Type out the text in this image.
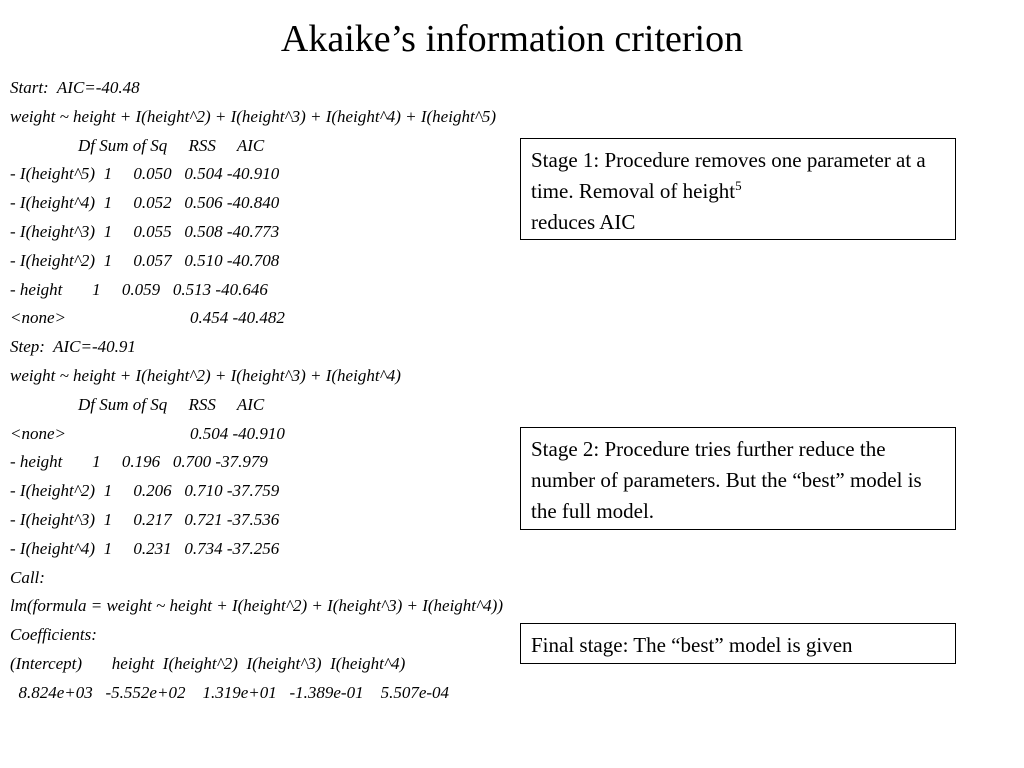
Akaike’s information criterion
Start:  AIC=-40.48
weight ~ height + I(height^2) + I(height^3) + I(height^4) + I(height^5)
Df Sum of Sq RSS AIC
- I(height^5) 1 0.050 0.504 -40.910
- I(height^4) 1 0.052 0.506 -40.840
- I(height^3) 1 0.055 0.508 -40.773
- I(height^2) 1 0.057 0.510 -40.708
- height 1 0.059 0.513 -40.646
<none>	0.454 -40.482
Step:  AIC=-40.91
weight ~ height + I(height^2) + I(height^3) + I(height^4)
Df Sum of Sq RSS AIC
<none>	0.504 -40.910
- height 1 0.196 0.700 -37.979
- I(height^2) 1 0.206 0.710 -37.759
- I(height^3) 1 0.217 0.721 -37.536
- I(height^4) 1 0.231 0.734 -37.256
Call:
lm(formula = weight ~ height + I(height^2) + I(height^3) + I(height^4))
Coefficients:
(Intercept)       height  I(height^2)  I(height^3)  I(height^4)
8.824e+03   -5.552e+02    1.319e+01   -1.389e-01    5.507e-04
Stage 1: Procedure removes one parameter at a time. Removal of height$^5$
reduces AIC
Stage 2: Procedure tries further reduce the number of parameters. But the “best” model is the full model.
Final stage: The “best” model is given
